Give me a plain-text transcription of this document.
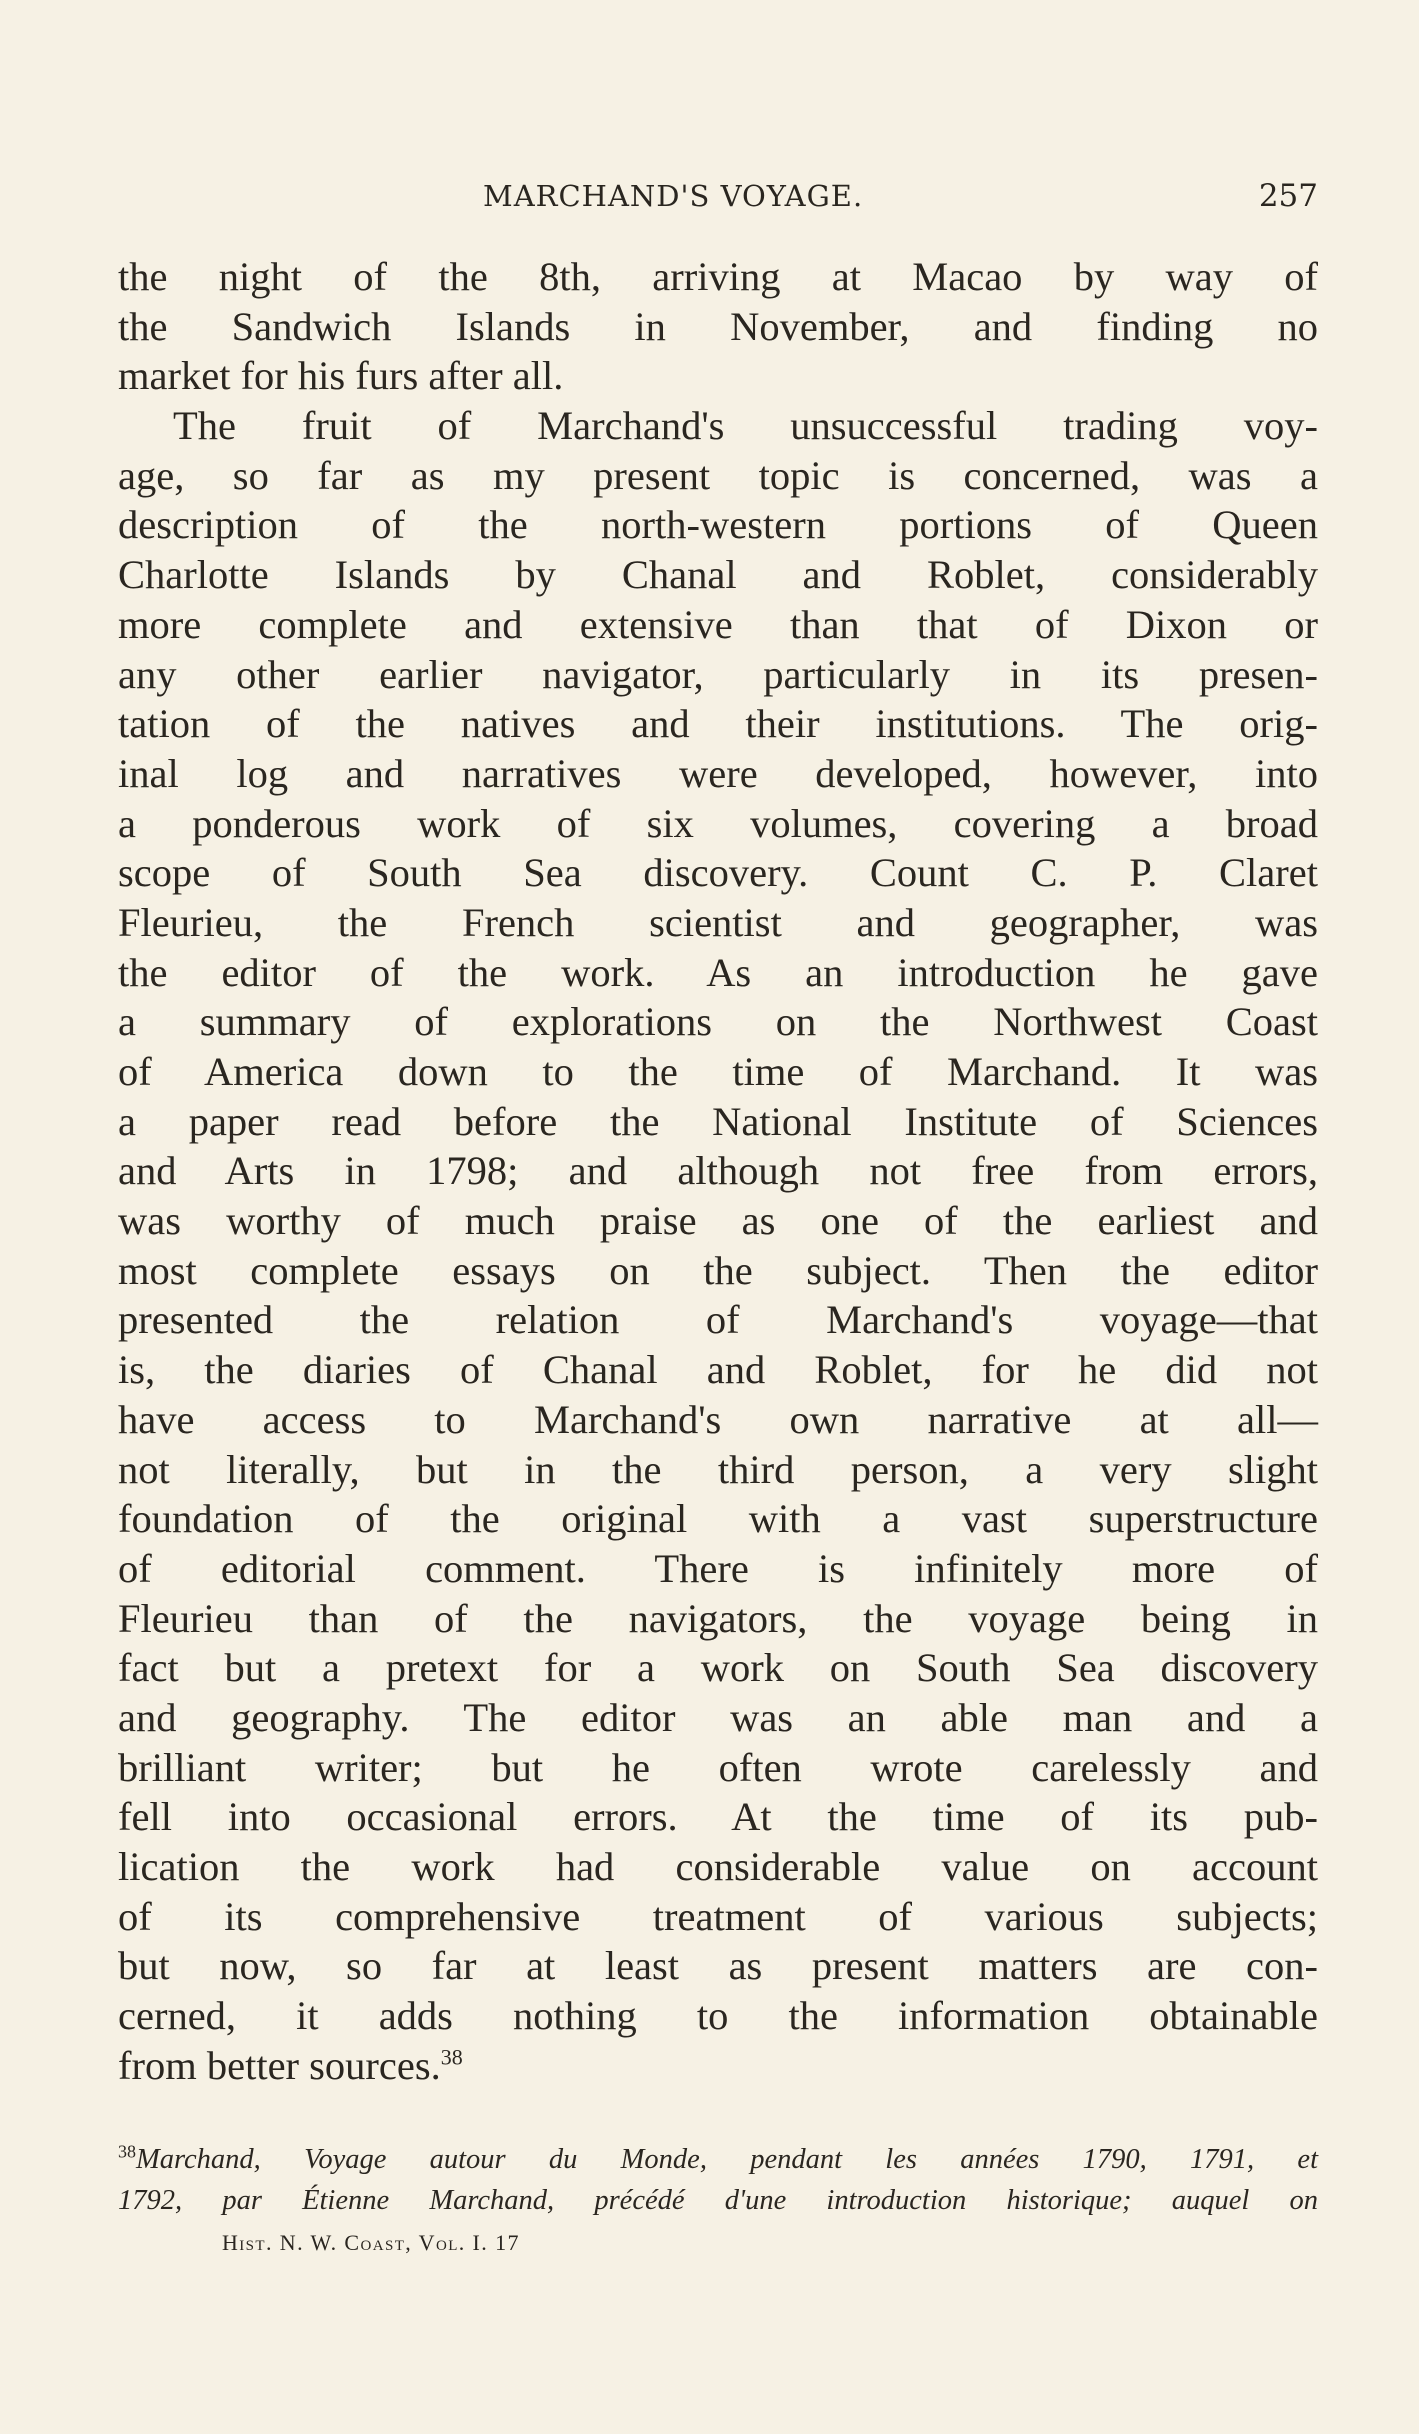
MARCHAND'S VOYAGE.	257
the night of the 8th, arriving at Macao by way of
the Sandwich Islands in November, and finding no
market for his furs after all.
The fruit of Marchand's unsuccessful trading voy-
age, so far as my present topic is concerned, was a
description of the north-western portions of Queen
Charlotte Islands by Chanal and Roblet, considerably
more complete and extensive than that of Dixon or
any other earlier navigator, particularly in its presen-
tation of the natives and their institutions. The orig-
inal log and narratives were developed, however, into
a ponderous work of six volumes, covering a broad
scope of South Sea discovery. Count C. P. Claret
Fleurieu, the French scientist and geographer, was
the editor of the work. As an introduction he gave
a summary of explorations on the Northwest Coast
of America down to the time of Marchand. It was
a paper read before the National Institute of Sciences
and Arts in 1798; and although not free from errors,
was worthy of much praise as one of the earliest and
most complete essays on the subject. Then the editor
presented the relation of Marchand's voyage—that
is, the diaries of Chanal and Roblet, for he did not
have access to Marchand's own narrative at all—
not literally, but in the third person, a very slight
foundation of the original with a vast superstructure
of editorial comment. There is infinitely more of
Fleurieu than of the navigators, the voyage being in
fact but a pretext for a work on South Sea discovery
and geography. The editor was an able man and a
brilliant writer; but he often wrote carelessly and
fell into occasional errors. At the time of its pub-
lication the work had considerable value on account
of its comprehensive treatment of various subjects;
but now, so far at least as present matters are con-
cerned, it adds nothing to the information obtainable
from better sources.$^{38}$
$^{38}$Marchand, Voyage autour du Monde, pendant les années 1790, 1791, et
1792, par Étienne Marchand, précédé d'une introduction historique; auquel on
Hist. N. W. Coast, Vol. I. 17
